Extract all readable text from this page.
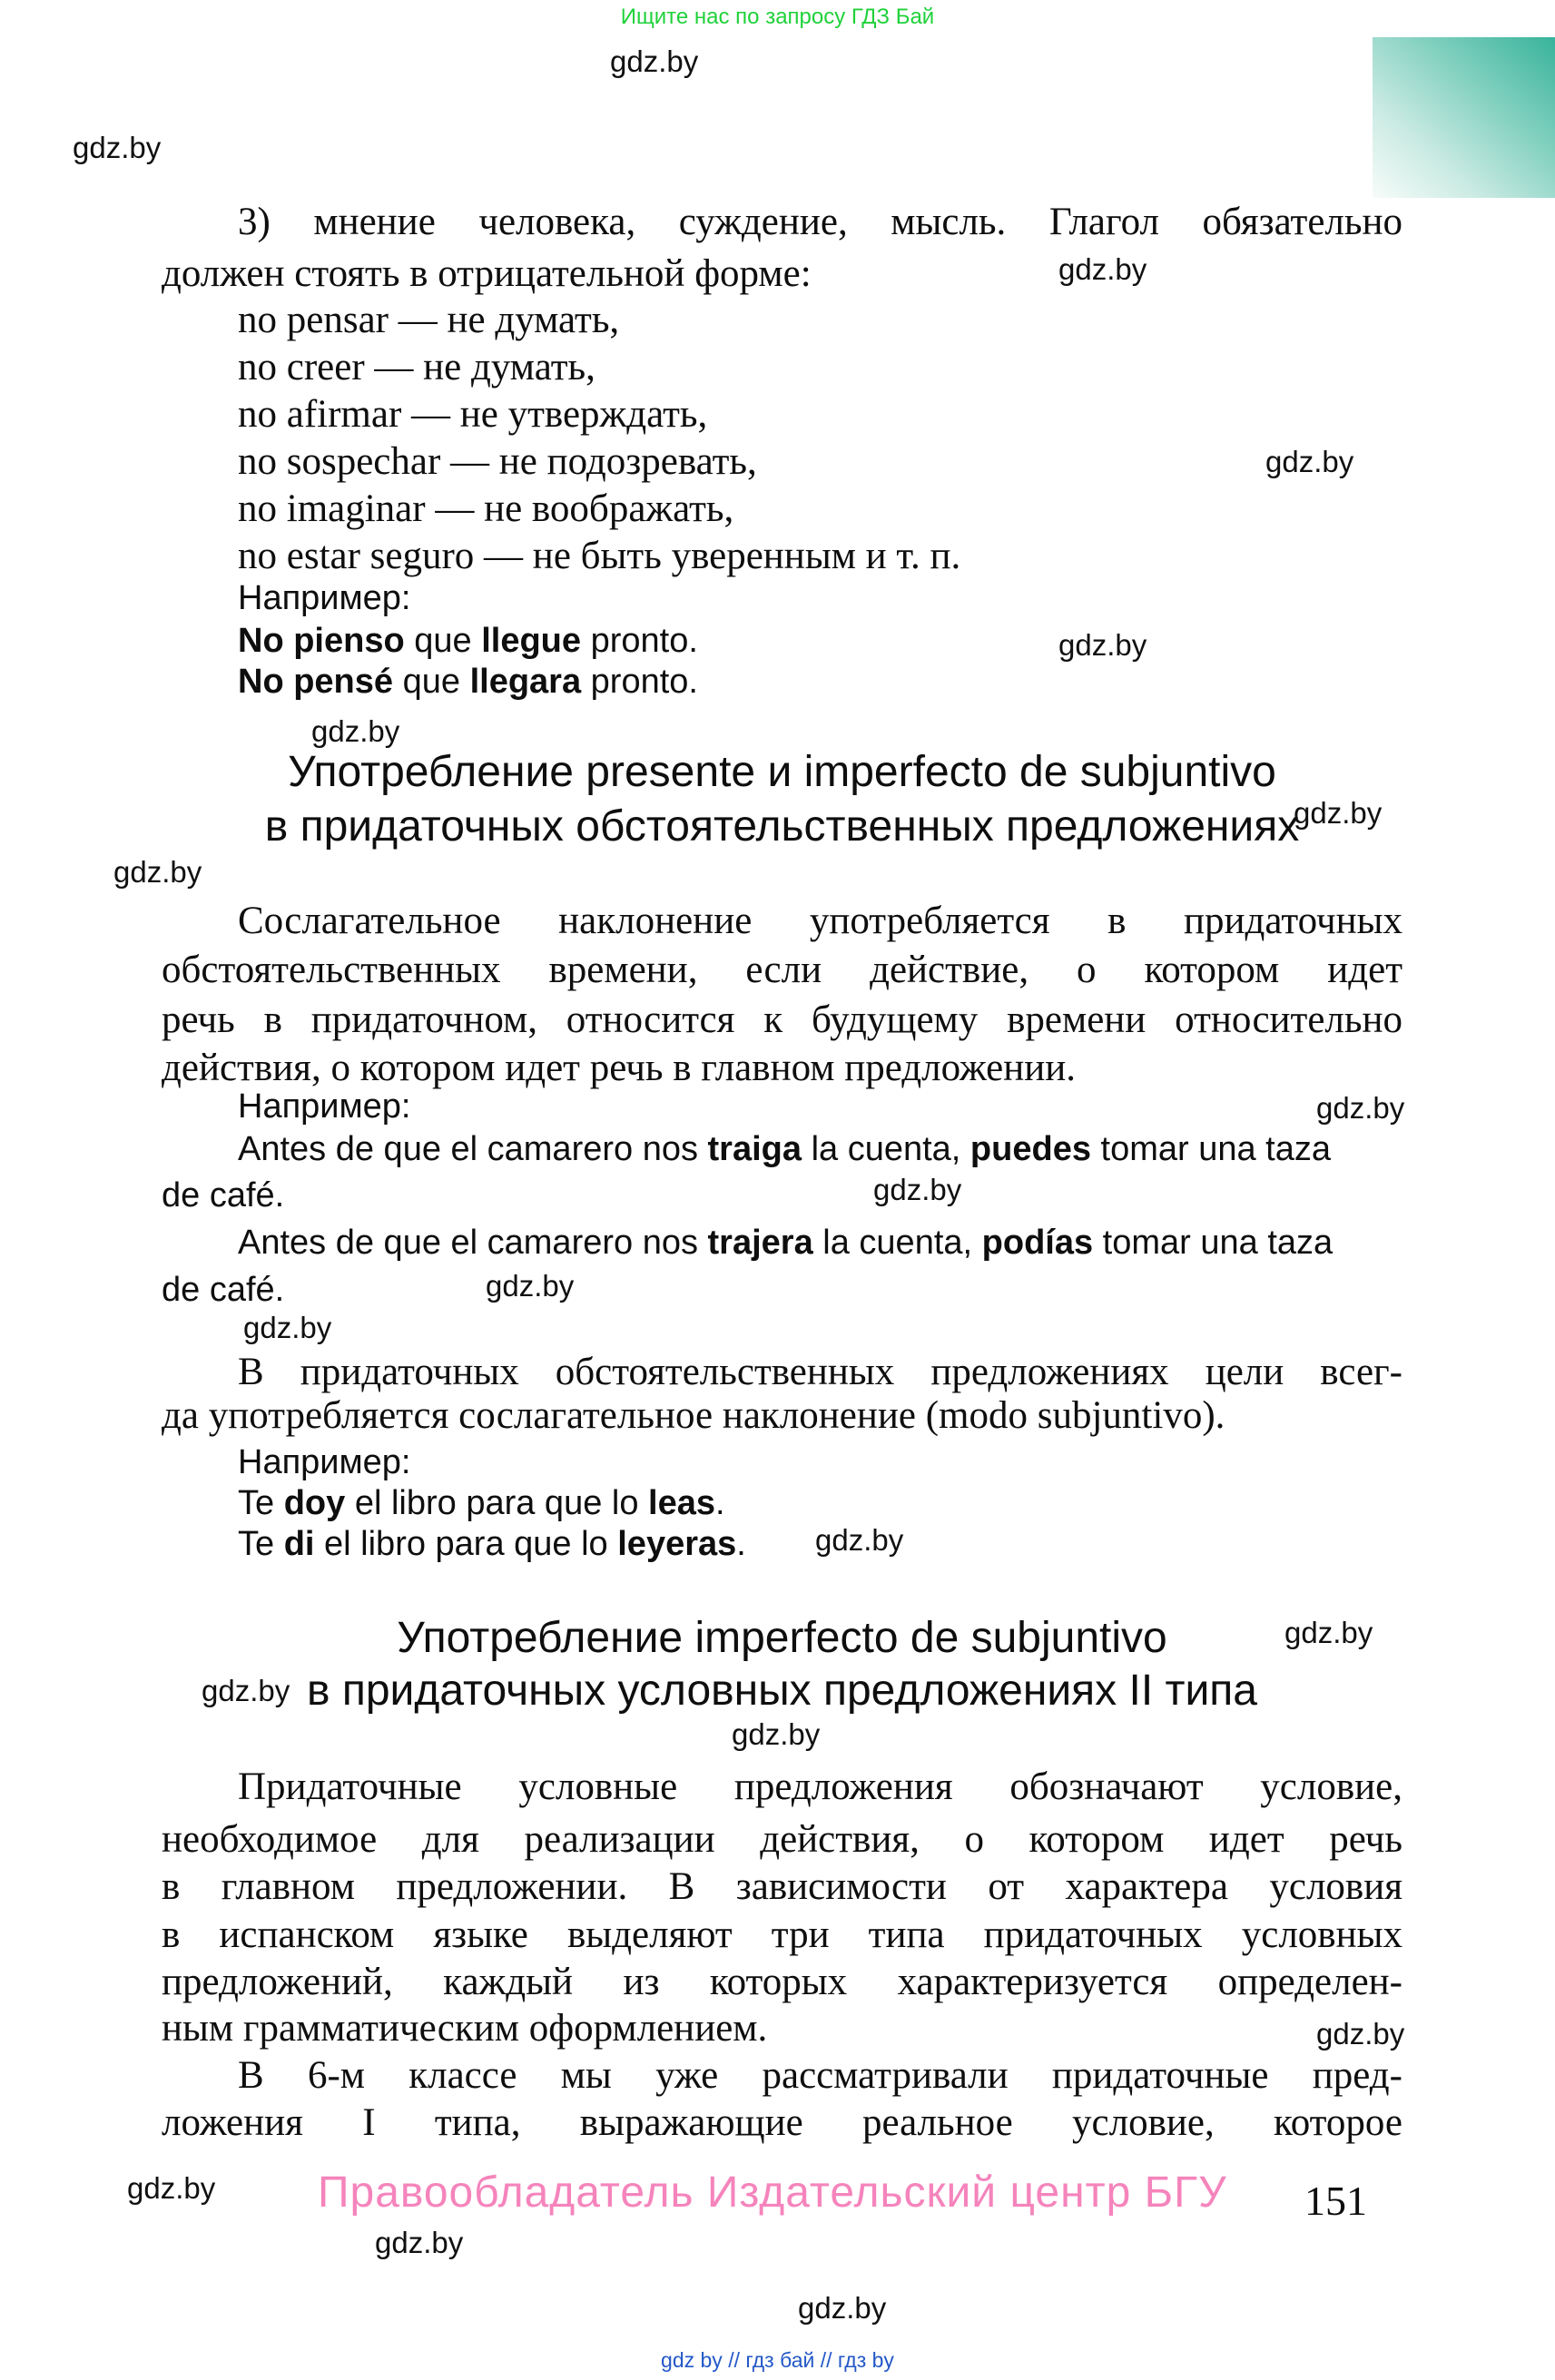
Ищите нас по запросу ГДЗ Бай
gdz.by
gdz.by
gdz.by
gdz.by
gdz.by
gdz.by
gdz.by
gdz.by
gdz.by
gdz.by
gdz.by
gdz.by
gdz.by
gdz.by
gdz.by
gdz.by
gdz.by
gdz.by
gdz.by
gdz.by
3) мнение человека, суждение, мысль. Глагол обязательно
должен стоять в отрицательной форме:
no pensar — не думать,
no creer — не думать,
no afirmar — не утверждать,
no sospechar — не подозревать,
no imaginar — не воображать,
no estar seguro — не быть уверенным и т. п.
Например:
No pienso que llegue pronto.
No pensé que llegara pronto.
Употребление presente и imperfecto de subjuntivo
в придаточных обстоятельственных предложениях
Сослагательное наклонение употребляется в придаточных
обстоятельственных времени, если действие, о котором идет
речь в придаточном, относится к будущему времени относительно
действия, о котором идет речь в главном предложении.
Например:
Antes de que el camarero nos traiga la cuenta, puedes tomar una taza
de café.
Antes de que el camarero nos trajera la cuenta, podías tomar una taza
de café.
В придаточных обстоятельственных предложениях цели всег-
да употребляется сослагательное наклонение (modo subjuntivo).
Например:
Te doy el libro para que lo leas.
Te di el libro para que lo leyeras.
Употребление imperfecto de subjuntivo
в придаточных условных предложениях II типа
Придаточные условные предложения обозначают условие,
необходимое для реализации действия, о котором идет речь
в главном предложении. В зависимости от характера условия
в испанском языке выделяют три типа придаточных условных
предложений, каждый из которых характеризуется определен-
ным грамматическим оформлением.
В 6-м классе мы уже рассматривали придаточные пред-
ложения I типа, выражающие реальное условие, которое
Правообладатель Издательский центр БГУ 151
gdz by // гдз бай // гдз by
